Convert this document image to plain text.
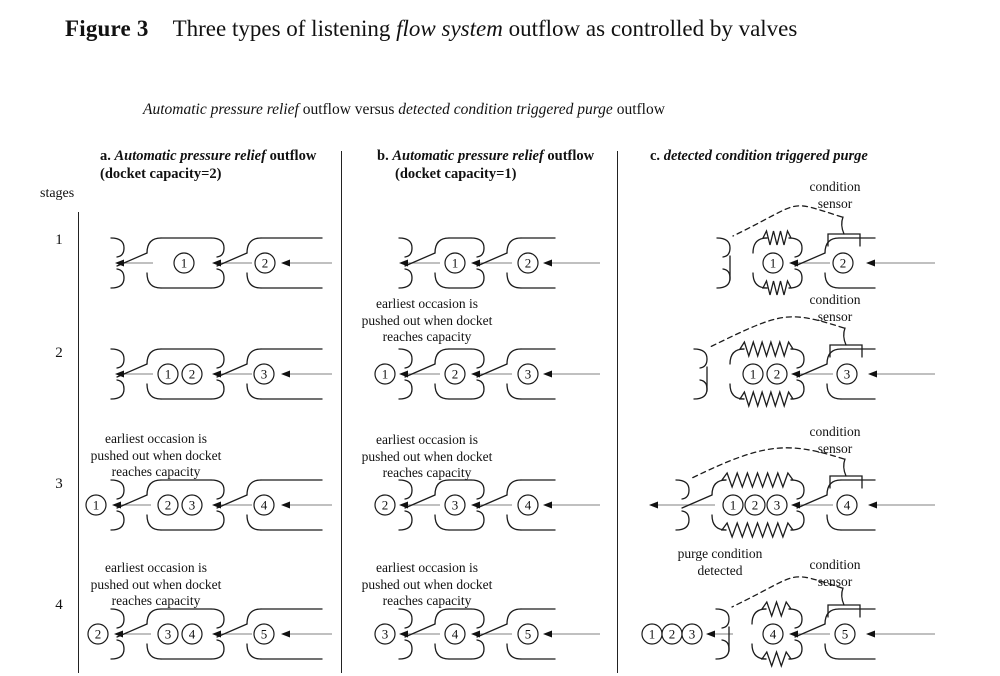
Figure 3 Three types of listening flow system outflow as controlled by valves
Automatic pressure relief outflow versus detected condition triggered purge outflow
a. Automatic pressure relief outflow
(docket capacity=2)
b. Automatic pressure relief outflow
(docket capacity=1)
c. detected condition triggered purge
stages
1
2
3
4
1	2
1 2	3
1	2 3	4
2	3 4	5
1	2
1	2	3
2	3	4
3	4	5
1	2
1 2	3
1 2 3	4
1 2 3	4	5
earliest occasion is
pushed out when docket
reaches capacity
earliest occasion is
pushed out when docket
reaches capacity
earliest occasion is
pushed out when docket
reaches capacity
earliest occasion is
pushed out when docket
reaches capacity
earliest occasion is
pushed out when docket
reaches capacity
condition
sensor
condition
sensor
condition
sensor
condition
sensor
purge condition
detected
